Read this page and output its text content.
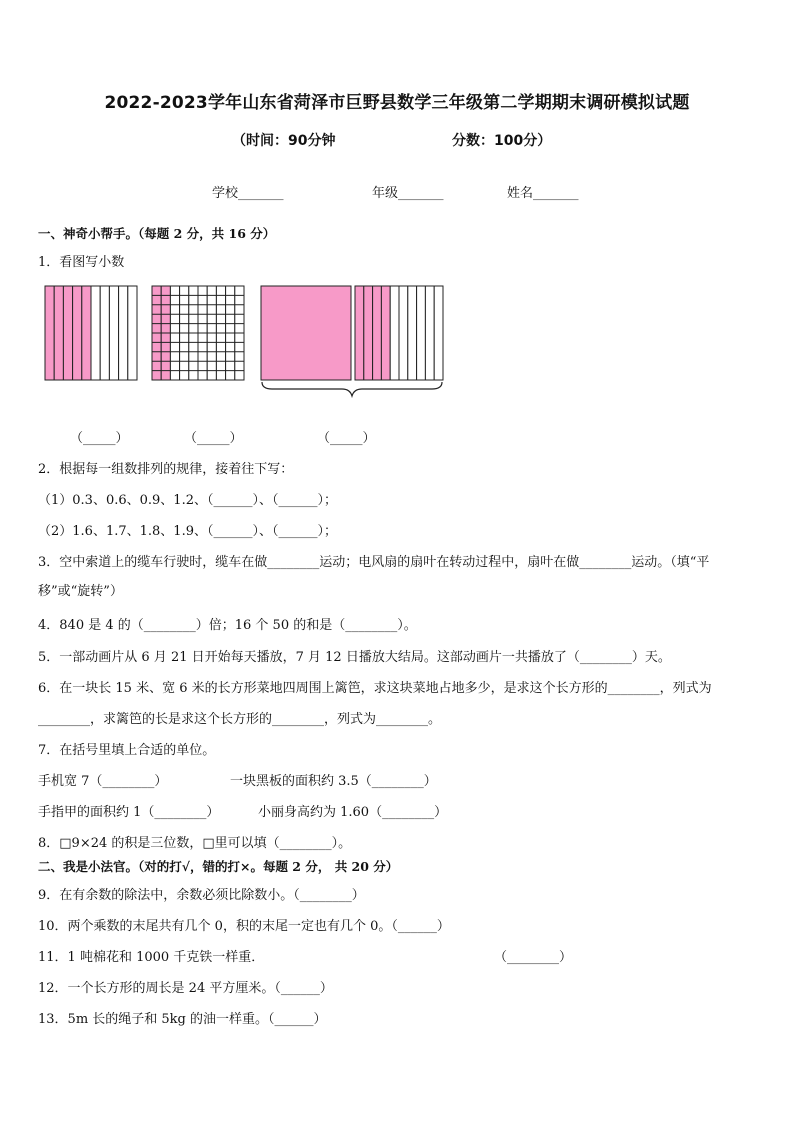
2022-2023学年山东省菏泽市巨野县数学三年级第二学期期末调研模拟试题
（时间：90分钟	分数：100分）
学校_______	年级_______	姓名_______
一、神奇小帮手。（每题 2 分，共 16 分）
1．看图写小数
（_____）	（_____）	（_____）
2．根据每一组数排列的规律，接着往下写：
（1）0.3、0.6、0.9、1.2、（______）、（______）；
（2）1.6、1.7、1.8、1.9、（______）、（______）；
3．空中索道上的缆车行驶时，缆车在做________运动；电风扇的扇叶在转动过程中，扇叶在做________运动。（填“平
移”或“旋转”）
4．840 是 4 的（________）倍；16 个 50 的和是（________）。
5．一部动画片从 6 月 21 日开始每天播放，7 月 12 日播放大结局。这部动画片一共播放了（________）天。
6．在一块长 15 米、宽 6 米的长方形菜地四周围上篱笆，求这块菜地占地多少，是求这个长方形的________，列式为
________，求篱笆的长是求这个长方形的________，列式为________。
7．在括号里填上合适的单位。
手机宽 7（________）	一块黑板的面积约 3.5（________）
手指甲的面积约 1（________）	小丽身高约为 1.60（________）
8．□9×24 的积是三位数，□里可以填（________）。
二、我是小法官。（对的打√，错的打×。每题 2 分， 共 20 分）
9．在有余数的除法中，余数必须比除数小。（________）
10．两个乘数的末尾共有几个 0，积的末尾一定也有几个 0。（______）
11．1 吨棉花和 1000 千克铁一样重．	（________）
12．一个长方形的周长是 24 平方厘米。（______）
13．5m 长的绳子和 5kg 的油一样重。（______）
